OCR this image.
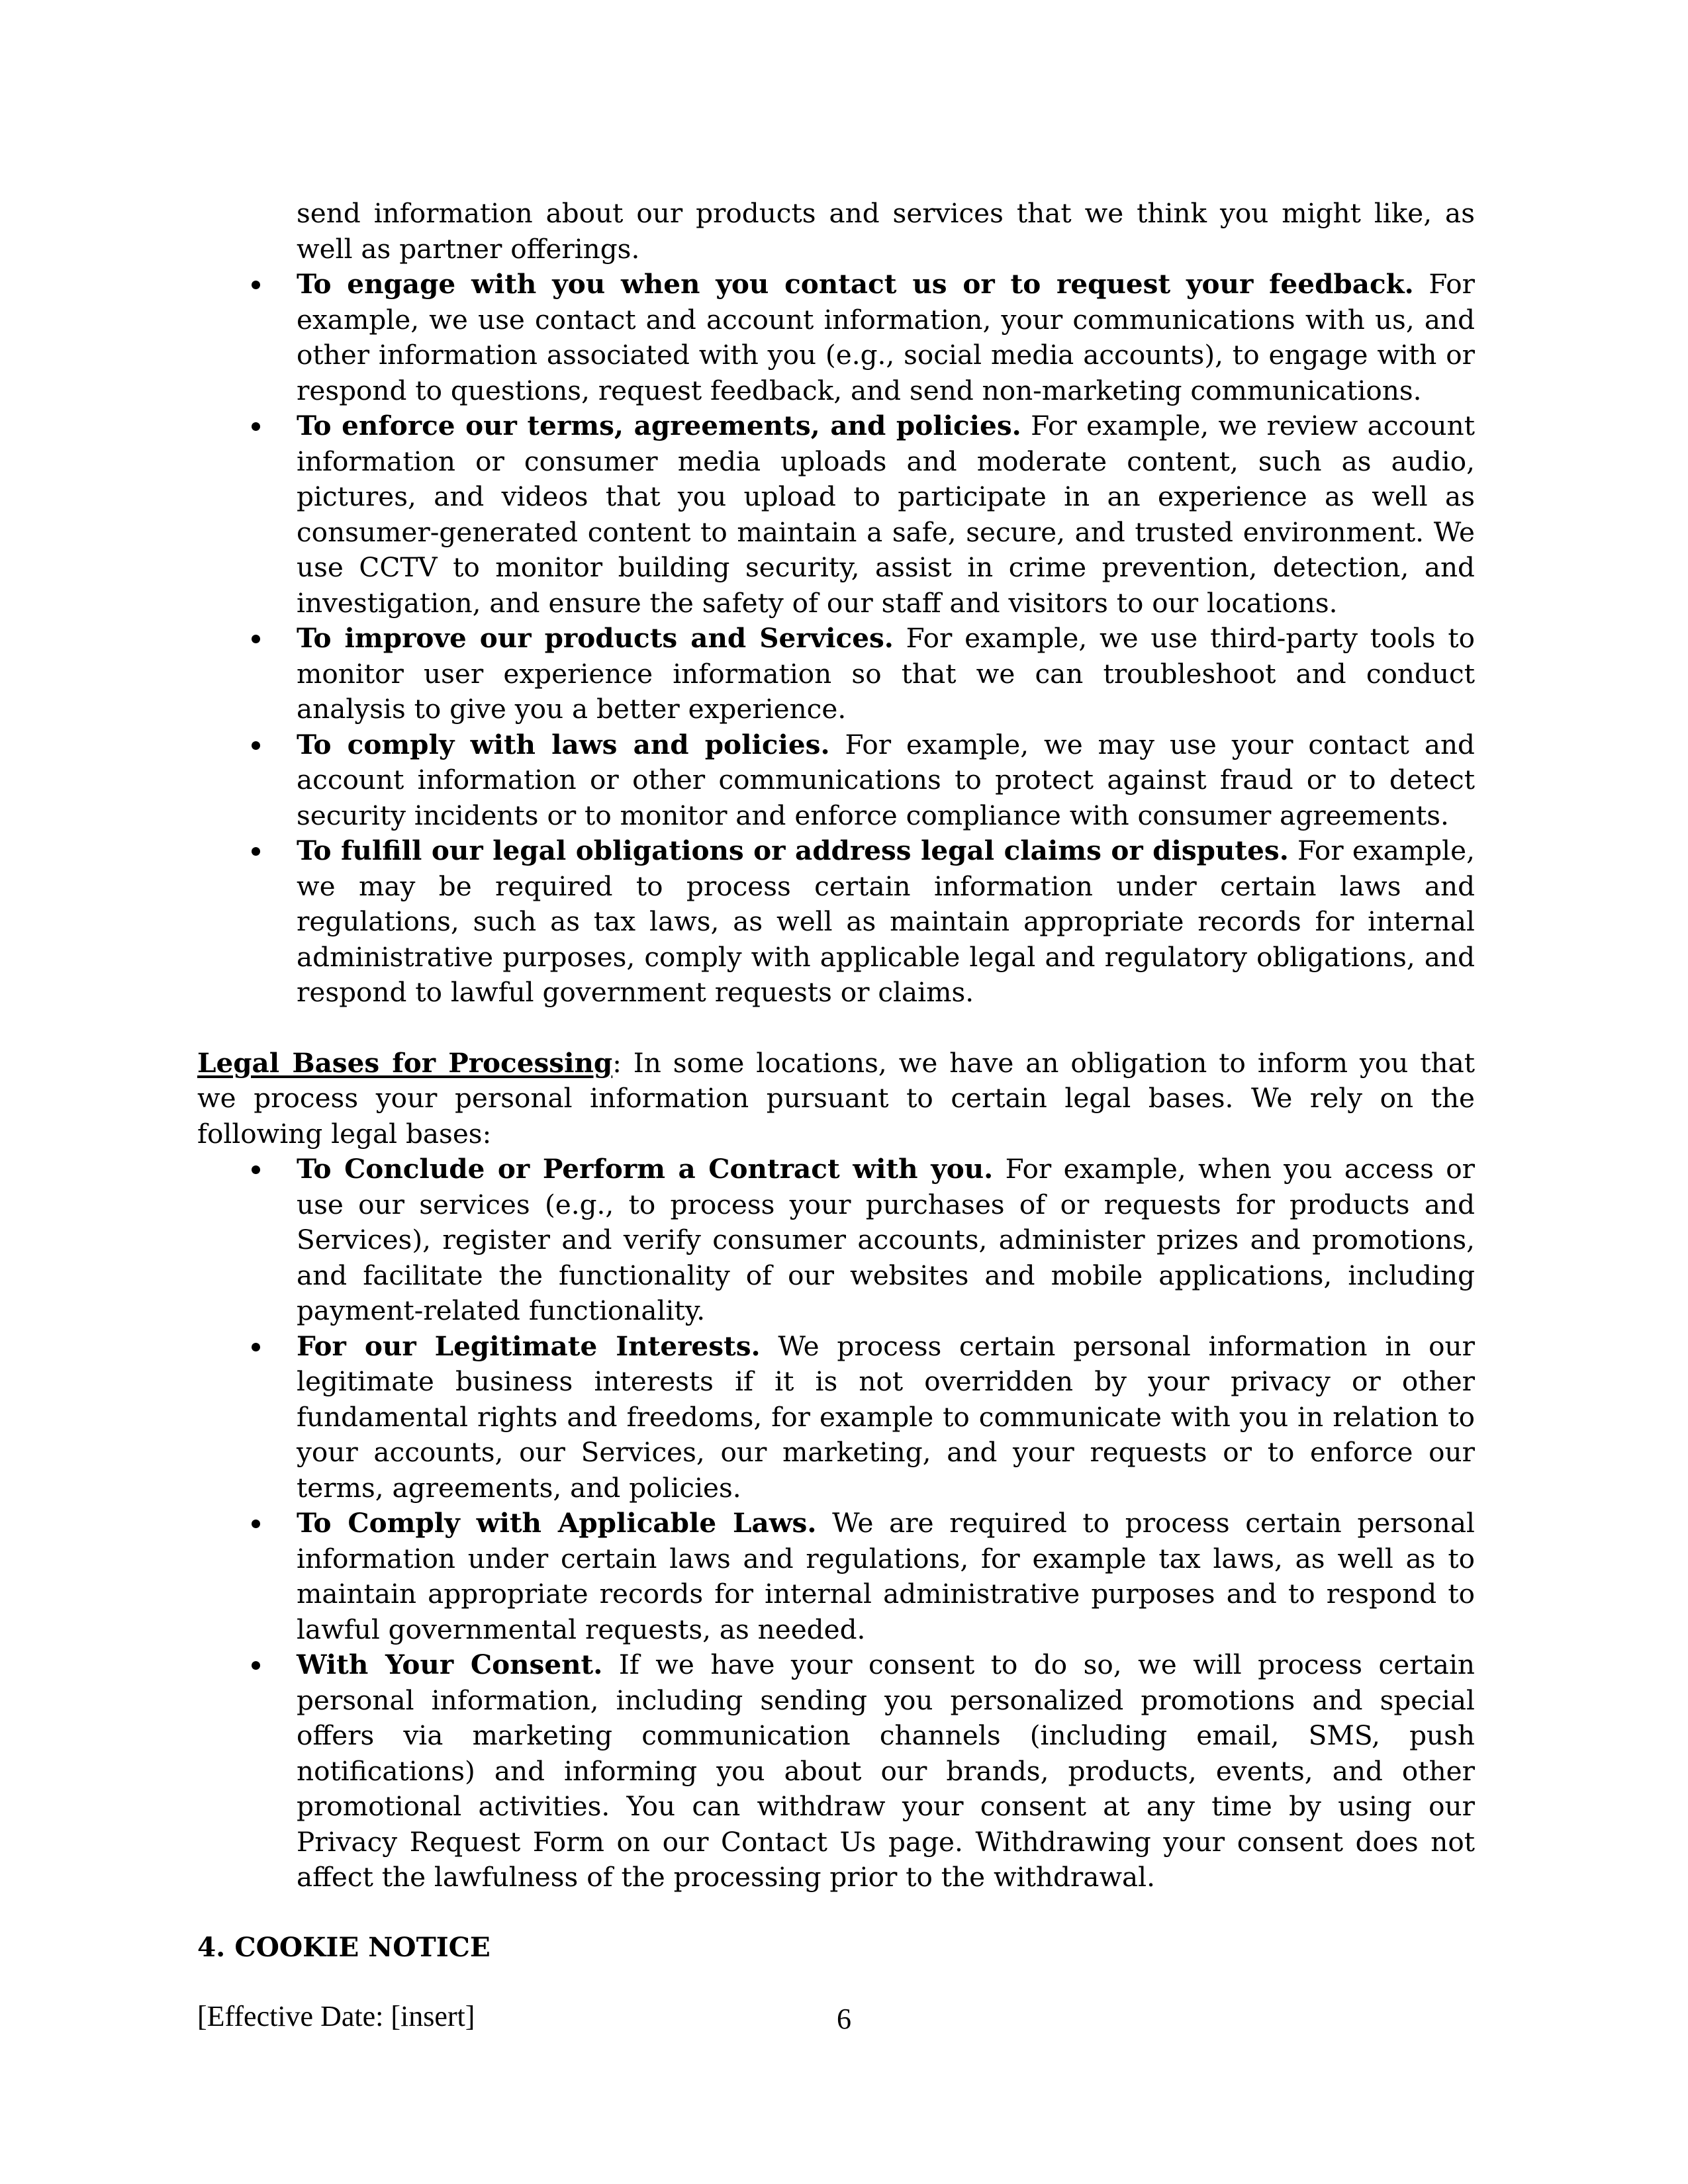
send information about our products and services that we think you might like, as well as partner offerings.
To engage with you when you contact us or to request your feedback. For example, we use contact and account information, your communications with us, and other information associated with you (e.g., social media accounts), to engage with or respond to questions, request feedback, and send non-marketing communications.
To enforce our terms, agreements, and policies. For example, we review account information or consumer media uploads and moderate content, such as audio, pictures, and videos that you upload to participate in an experience as well as consumer-generated content to maintain a safe, secure, and trusted environment. We use CCTV to monitor building security, assist in crime prevention, detection, and investigation, and ensure the safety of our staff and visitors to our locations.
To improve our products and Services. For example, we use third-party tools to monitor user experience information so that we can troubleshoot and conduct analysis to give you a better experience.
To comply with laws and policies. For example, we may use your contact and account information or other communications to protect against fraud or to detect security incidents or to monitor and enforce compliance with consumer agreements.
To fulfill our legal obligations or address legal claims or disputes. For example, we may be required to process certain information under certain laws and regulations, such as tax laws, as well as maintain appropriate records for internal administrative purposes, comply with applicable legal and regulatory obligations, and respond to lawful government requests or claims.
Legal Bases for Processing: In some locations, we have an obligation to inform you that we process your personal information pursuant to certain legal bases. We rely on the following legal bases:
To Conclude or Perform a Contract with you. For example, when you access or use our services (e.g., to process your purchases of or requests for products and Services), register and verify consumer accounts, administer prizes and promotions, and facilitate the functionality of our websites and mobile applications, including payment-related functionality.
For our Legitimate Interests. We process certain personal information in our legitimate business interests if it is not overridden by your privacy or other fundamental rights and freedoms, for example to communicate with you in relation to your accounts, our Services, our marketing, and your requests or to enforce our terms, agreements, and policies.
To Comply with Applicable Laws. We are required to process certain personal information under certain laws and regulations, for example tax laws, as well as to maintain appropriate records for internal administrative purposes and to respond to lawful governmental requests, as needed.
With Your Consent. If we have your consent to do so, we will process certain personal information, including sending you personalized promotions and special offers via marketing communication channels (including email, SMS, push notifications) and informing you about our brands, products, events, and other promotional activities. You can withdraw your consent at any time by using our Privacy Request Form on our Contact Us page. Withdrawing your consent does not affect the lawfulness of the processing prior to the withdrawal.
4. COOKIE NOTICE
[Effective Date: [insert]	6
